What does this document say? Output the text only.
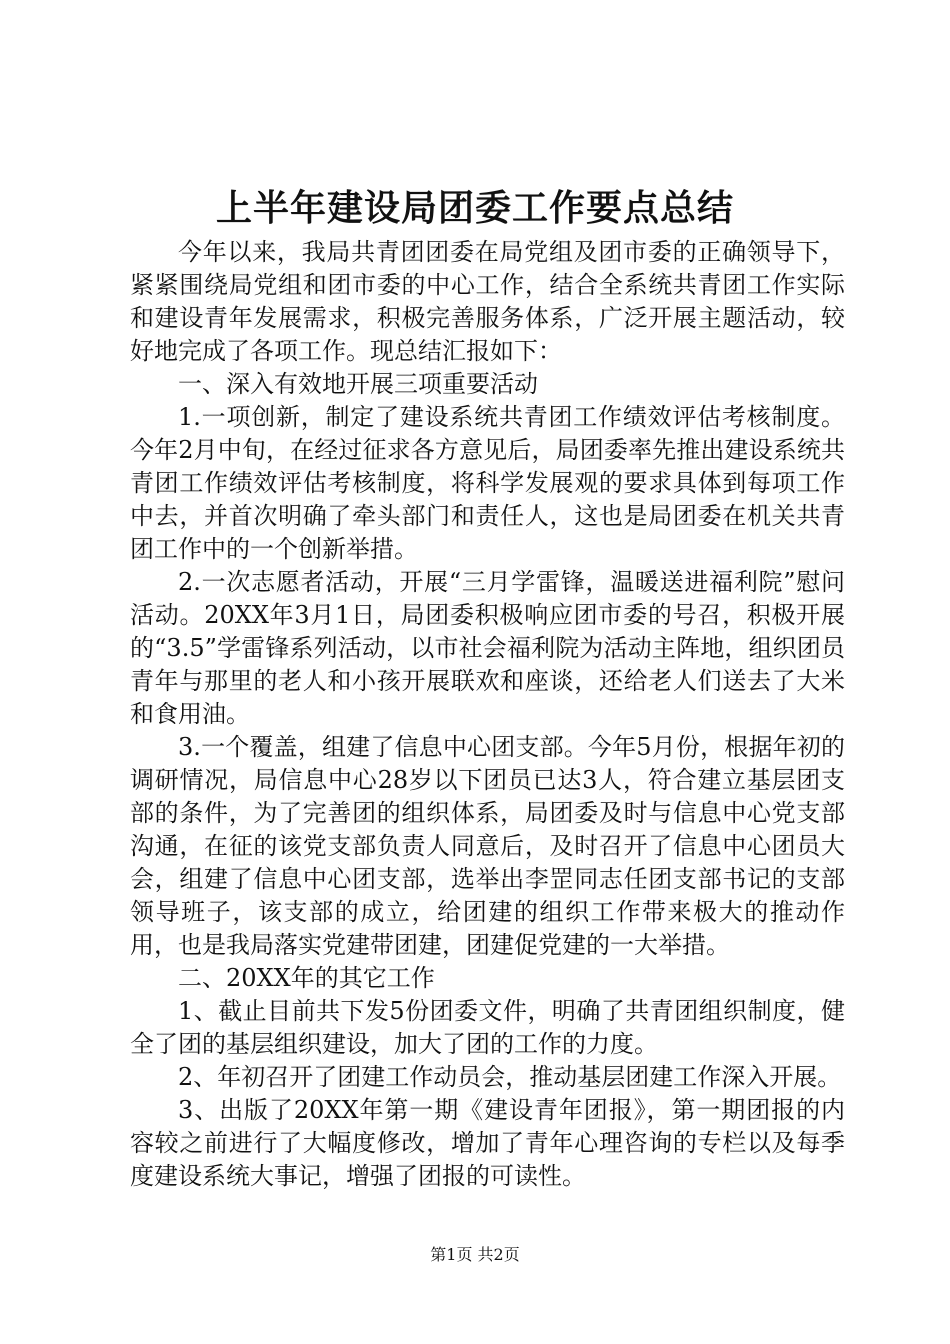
上半年建设局团委工作要点总结

今年以来，我局共青团团委在局党组及团市委的正确领导下，紧紧围绕局党组和团市委的中心工作，结合全系统共青团工作实际和建设青年发展需求，积极完善服务体系，广泛开展主题活动，较好地完成了各项工作。现总结汇报如下：

一、深入有效地开展三项重要活动

1.一项创新，制定了建设系统共青团工作绩效评估考核制度。今年2月中旬，在经过征求各方意见后，局团委率先推出建设系统共青团工作绩效评估考核制度，将科学发展观的要求具体到每项工作中去，并首次明确了牵头部门和责任人，这也是局团委在机关共青团工作中的一个创新举措。

2.一次志愿者活动，开展“三月学雷锋，温暖送进福利院”慰问活动。20XX年3月1日，局团委积极响应团市委的号召，积极开展的“3.5”学雷锋系列活动，以市社会福利院为活动主阵地，组织团员青年与那里的老人和小孩开展联欢和座谈，还给老人们送去了大米和食用油。

3.一个覆盖，组建了信息中心团支部。今年5月份，根据年初的调研情况，局信息中心28岁以下团员已达3人，符合建立基层团支部的条件，为了完善团的组织体系，局团委及时与信息中心党支部沟通，在征的该党支部负责人同意后，及时召开了信息中心团员大会，组建了信息中心团支部，选举出李罡同志任团支部书记的支部领导班子，该支部的成立，给团建的组织工作带来极大的推动作用，也是我局落实党建带团建，团建促党建的一大举措。

二、20XX年的其它工作

1、截止目前共下发5份团委文件，明确了共青团组织制度，健全了团的基层组织建设，加大了团的工作的力度。

2、年初召开了团建工作动员会，推动基层团建工作深入开展。

3、出版了20XX年第一期《建设青年团报》，第一期团报的内容较之前进行了大幅度修改，增加了青年心理咨询的专栏以及每季度建设系统大事记，增强了团报的可读性。

第1页 共2页
